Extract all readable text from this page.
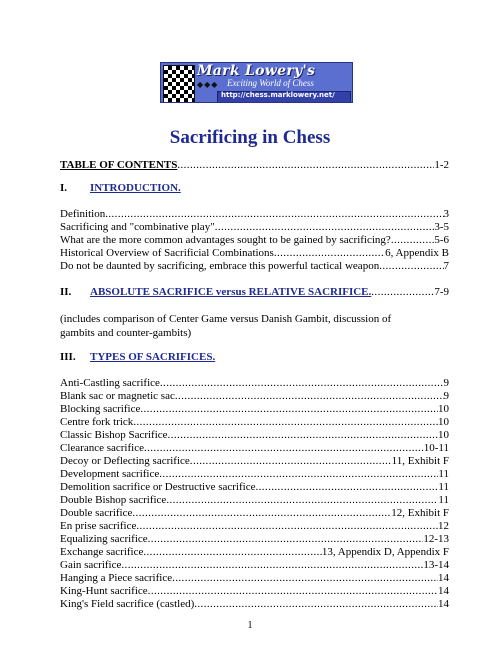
Mark Lowery's
◆◆◆ Exciting World of Chess
http://chess.marklowery.net/
Sacrificing in Chess
TABLE OF CONTENTS .....	1-2
I. INTRODUCTION.
Definition .....	3
Sacrificing and "combinative play" .....	3-5
What are the more common advantages sought to be gained by sacrificing? .....	5-6
Historical Overview of Sacrificial Combinations .....	6, Appendix B
Do not be daunted by sacrificing, embrace this powerful tactical weapon .....	7
II. ABSOLUTE SACRIFICE versus RELATIVE SACRIFICE. .....	7-9
(includes comparison of Center Game versus Danish Gambit, discussion of gambits and counter-gambits)
III. TYPES OF SACRIFICES.
Anti-Castling sacrifice .....	9
Blank sac or magnetic sac .....	9
Blocking sacrifice .....	10
Centre fork trick .....	10
Classic Bishop Sacrifice .....	10
Clearance sacrifice .....	10-11
Decoy or Deflecting sacrifice .....	11, Exhibit F
Development sacrifice .....	11
Demolition sacrifice or Destructive sacrifice .....	11
Double Bishop sacrifice .....	11
Double sacrifice .....	12, Exhibit F
En prise sacrifice .....	12
Equalizing sacrifice .....	12-13
Exchange sacrifice .....	13, Appendix D, Appendix F
Gain sacrifice .....	13-14
Hanging a Piece sacrifice .....	14
King-Hunt sacrifice .....	14
King's Field sacrifice (castled) .....	14
1
